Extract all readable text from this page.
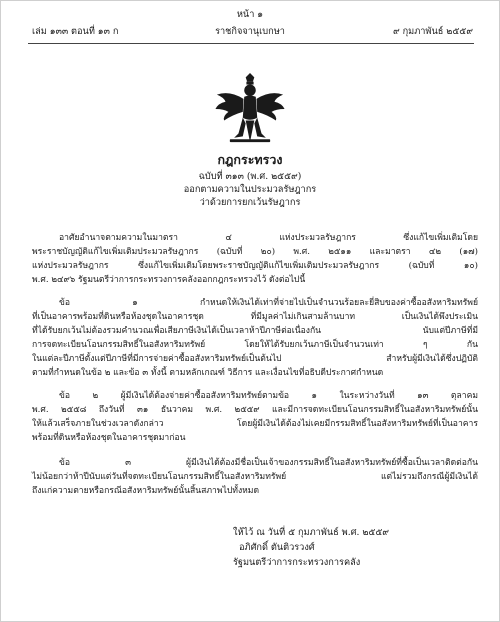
หน้า ๑
เล่ม ๑๓๓ ตอนที่ ๑๓ ก	ราชกิจจานุเบกษา	๙ กุมภาพันธ์ ๒๕๕๙
กฎกระทรวง
ฉบับที่ ๓๑๓ (พ.ศ. ๒๕๕๙)
ออกตามความในประมวลรัษฎากร
ว่าด้วยการยกเว้นรัษฎากร
อาศัยอำนาจตามความในมาตรา ๔ แห่งประมวลรัษฎากร ซึ่งแก้ไขเพิ่มเติมโดย
พระราชบัญญัติแก้ไขเพิ่มเติมประมวลรัษฎากร (ฉบับที่ ๒๐) พ.ศ. ๒๕๑๑ และมาตรา ๔๒ (๑๗)
แห่งประมวลรัษฎากร ซึ่งแก้ไขเพิ่มเติมโดยพระราชบัญญัติแก้ไขเพิ่มเติมประมวลรัษฎากร (ฉบับที่ ๑๐)
พ.ศ. ๒๔๙๖ รัฐมนตรีว่าการกระทรวงการคลังออกกฎกระทรวงไว้ ดังต่อไปนี้
ข้อ ๑ กำหนดให้เงินได้เท่าที่จ่ายไปเป็นจำนวนร้อยละยี่สิบของค่าซื้ออสังหาริมทรัพย์
ที่เป็นอาคารพร้อมที่ดินหรือห้องชุดในอาคารชุด ที่มีมูลค่าไม่เกินสามล้านบาท เป็นเงินได้พึงประเมิน
ที่ได้รับยกเว้นไม่ต้องรวมคำนวณเพื่อเสียภาษีเงินได้เป็นเวลาห้าปีภาษีต่อเนื่องกัน นับแต่ปีภาษีที่มี
การจดทะเบียนโอนกรรมสิทธิ์ในอสังหาริมทรัพย์ โดยให้ได้รับยกเว้นภาษีเป็นจำนวนเท่า ๆ กัน
ในแต่ละปีภาษีตั้งแต่ปีภาษีที่มีการจ่ายค่าซื้ออสังหาริมทรัพย์เป็นต้นไป สำหรับผู้มีเงินได้ซึ่งปฏิบัติ
ตามที่กำหนดในข้อ ๒ และข้อ ๓ ทั้งนี้ ตามหลักเกณฑ์ วิธีการ และเงื่อนไขที่อธิบดีประกาศกำหนด
ข้อ ๒ ผู้มีเงินได้ต้องจ่ายค่าซื้ออสังหาริมทรัพย์ตามข้อ ๑ ในระหว่างวันที่ ๑๓ ตุลาคม
พ.ศ. ๒๕๕๘ ถึงวันที่ ๓๑ ธันวาคม พ.ศ. ๒๕๕๙ และมีการจดทะเบียนโอนกรรมสิทธิ์ในอสังหาริมทรัพย์นั้น
ให้แล้วเสร็จภายในช่วงเวลาดังกล่าว โดยผู้มีเงินได้ต้องไม่เคยมีกรรมสิทธิ์ในอสังหาริมทรัพย์ที่เป็นอาคาร
พร้อมที่ดินหรือห้องชุดในอาคารชุดมาก่อน
ข้อ ๓ ผู้มีเงินได้ต้องมีชื่อเป็นเจ้าของกรรมสิทธิ์ในอสังหาริมทรัพย์ที่ซื้อเป็นเวลาติดต่อกัน
ไม่น้อยกว่าห้าปีนับแต่วันที่จดทะเบียนโอนกรรมสิทธิ์ในอสังหาริมทรัพย์ แต่ไม่รวมถึงกรณีผู้มีเงินได้
ถึงแก่ความตายหรือกรณีอสังหาริมทรัพย์นั้นสิ้นสภาพไปทั้งหมด
ให้ไว้ ณ วันที่ ๕ กุมภาพันธ์ พ.ศ. ๒๕๕๙
อภิศักดิ์ ตันติวรวงศ์
รัฐมนตรีว่าการกระทรวงการคลัง
